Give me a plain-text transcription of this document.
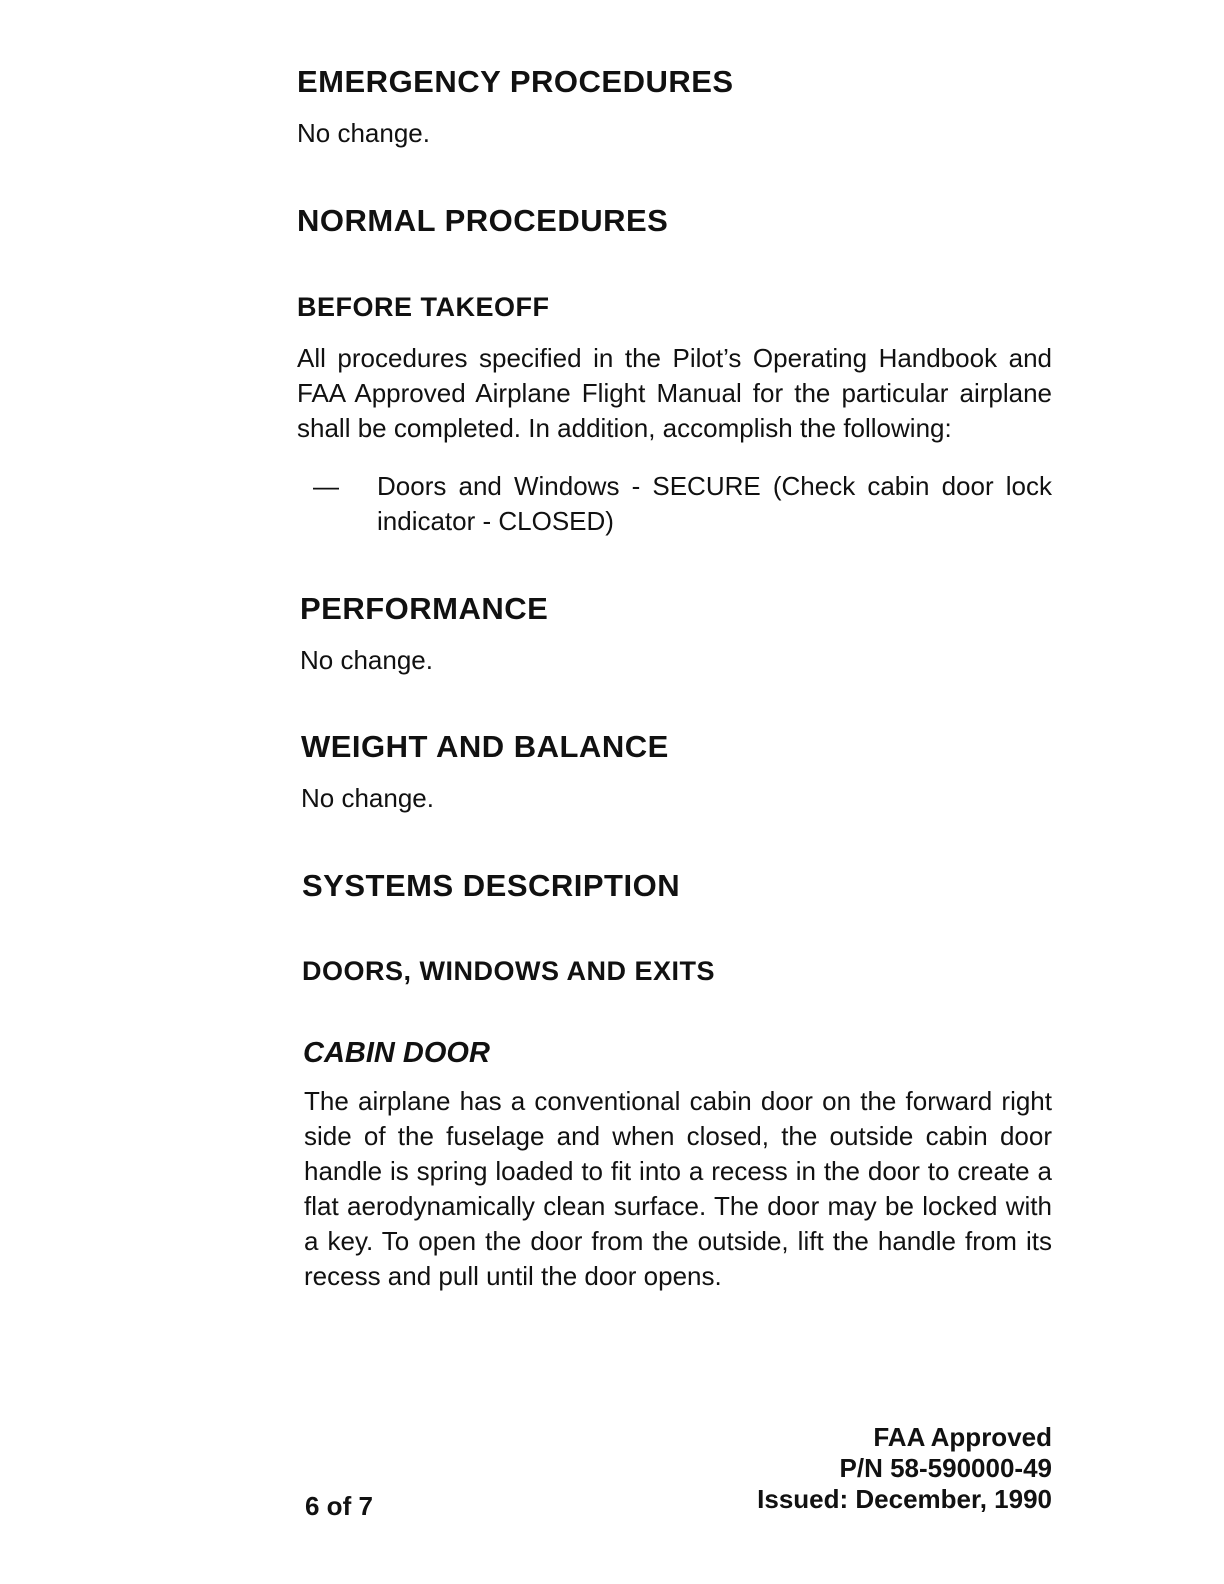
EMERGENCY PROCEDURES

No change.

NORMAL PROCEDURES
BEFORE TAKEOFF

All procedures specified in the Pilot’s Operating Handbook and FAA Approved Airplane Flight Manual for the particular airplane shall be completed. In addition, accomplish the following:

—	Doors and Windows - SECURE (Check cabin door lock indicator - CLOSED)
PERFORMANCE

No change.

WEIGHT AND BALANCE

No change.

SYSTEMS DESCRIPTION
DOORS, WINDOWS AND EXITS
CABIN DOOR

The airplane has a conventional cabin door on the forward right side of the fuselage and when closed, the outside cabin door handle is spring loaded to fit into a recess in the door to create a flat aerodynamically clean surface. The door may be locked with a key. To open the door from the outside, lift the handle from its recess and pull until the door opens.

6 of 7
FAA Approved
P/N 58-590000-49
Issued: December, 1990
